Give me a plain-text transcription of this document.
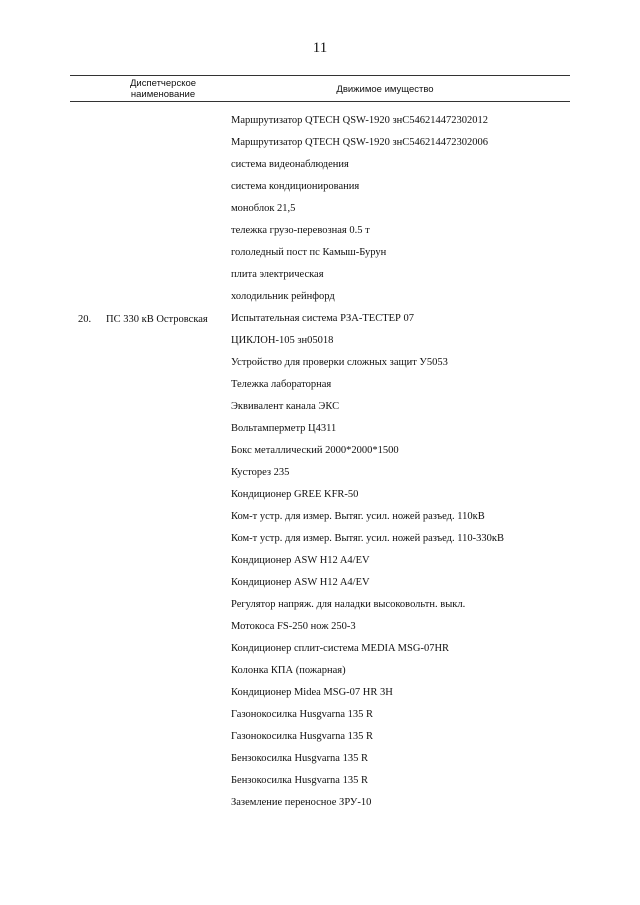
11
Диспетчерское наименование	Движимое имущество
20. ПС 330 кВ Островская
Маршрутизатор QTECH QSW-1920 знС546214472302012
Маршрутизатор QTECH QSW-1920 знС546214472302006
система видеонаблюдения
система кондиционирования
моноблок 21,5
тележка грузо-перевозная 0.5 т
гололедный пост пс Камыш-Бурун
плита электрическая
холодильник рейнфорд
Испытательная система РЗА-ТЕСТЕР 07
ЦИКЛОН-105 зн05018
Устройство для проверки сложных защит У5053
Тележка лабораторная
Эквивалент канала ЭКС
Вольтамперметр Ц4311
Бокс металлический 2000*2000*1500
Кусторез 235
Кондиционер GREE KFR-50
Ком-т устр. для измер. Вытяг. усил. ножей разъед. 110кВ
Ком-т устр. для измер. Вытяг. усил. ножей разъед. 110-330кВ
Кондиционер ASW H12 A4/EV
Кондиционер ASW H12 A4/EV
Регулятор напряж. для наладки высоковольтн. выкл.
Мотокоса FS-250 нож 250-3
Кондиционер сплит-система MEDIA MSG-07HR
Колонка КПА (пожарная)
Кондиционер Midea MSG-07 HR 3H
Газонокосилка Husgvarna 135 R
Газонокосилка Husgvarna 135 R
Бензокосилка Husgvarna 135 R
Бензокосилка Husgvarna 135 R
Заземление переносное ЗРУ-10
